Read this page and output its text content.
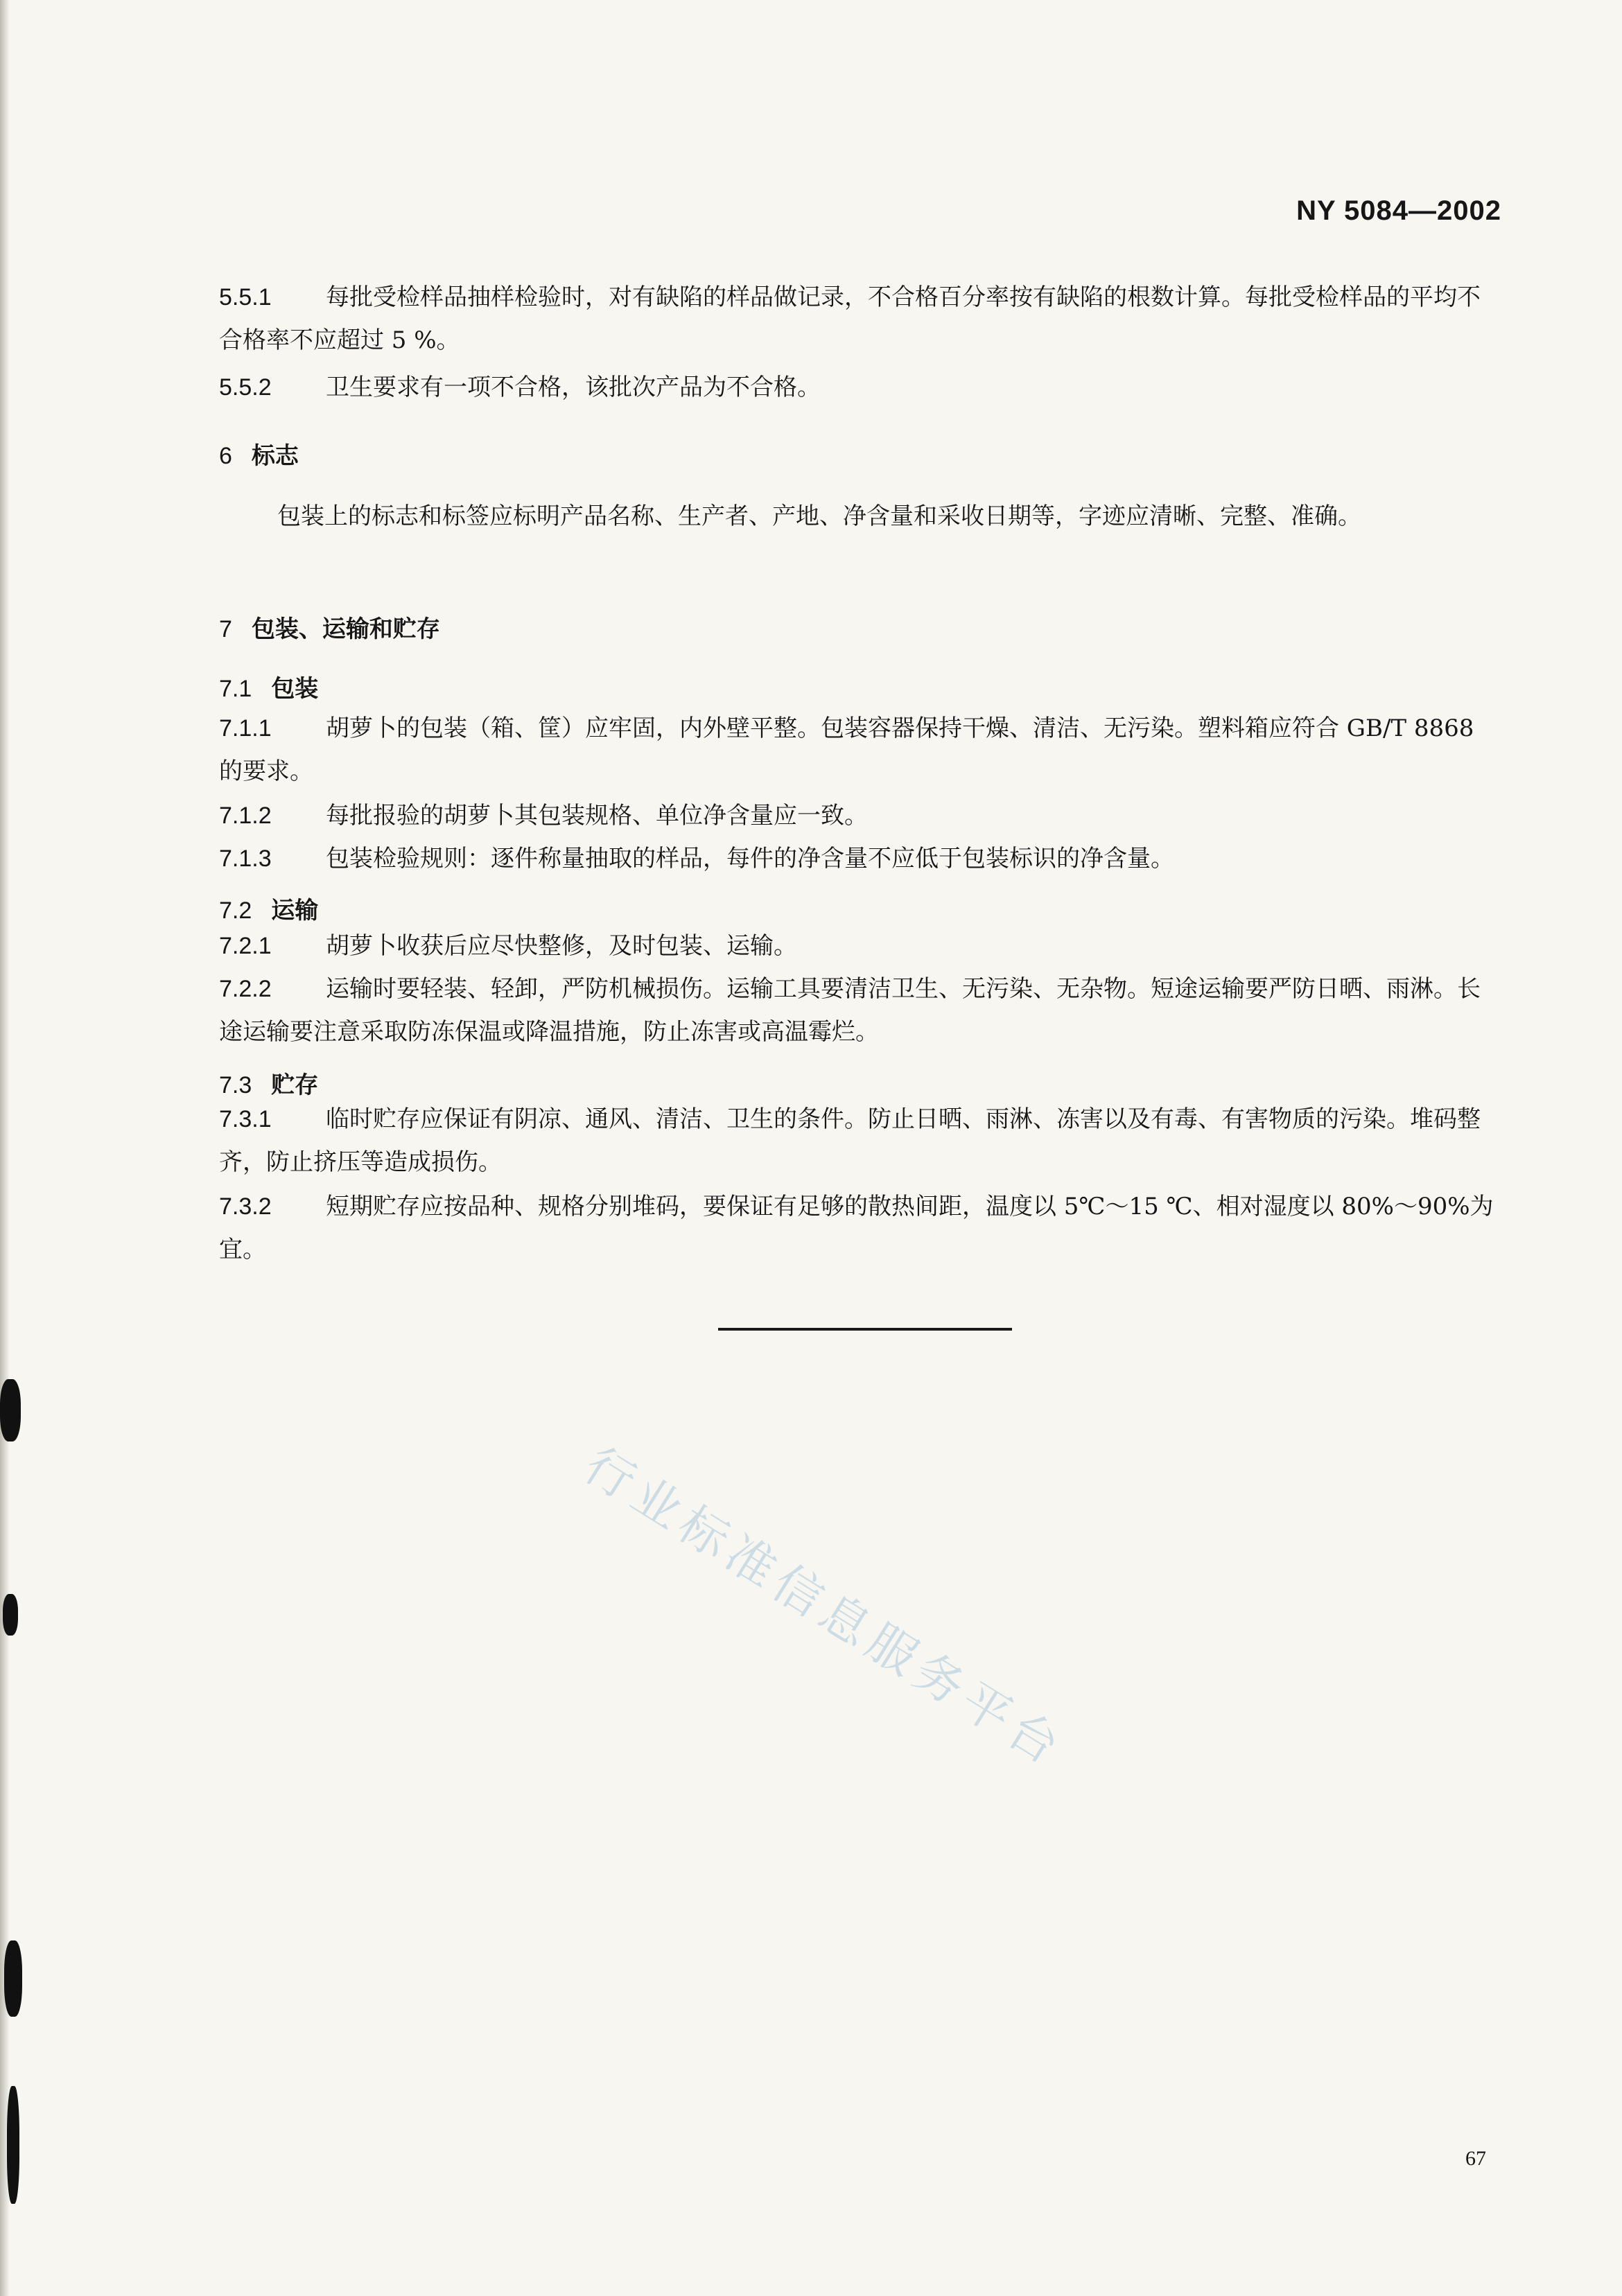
NY 5084—2002

5.5.1 每批受检样品抽样检验时，对有缺陷的样品做记录，不合格百分率按有缺陷的根数计算。每批受检样品的平均不合格率不应超过 5 %。

5.5.2 卫生要求有一项不合格，该批次产品为不合格。

6 标志

包装上的标志和标签应标明产品名称、生产者、产地、净含量和采收日期等，字迹应清晰、完整、准确。

7 包装、运输和贮存

7.1 包装

7.1.1 胡萝卜的包装（箱、筐）应牢固，内外壁平整。包装容器保持干燥、清洁、无污染。塑料箱应符合 GB/T 8868 的要求。

7.1.2 每批报验的胡萝卜其包装规格、单位净含量应一致。

7.1.3 包装检验规则：逐件称量抽取的样品，每件的净含量不应低于包装标识的净含量。

7.2 运输

7.2.1 胡萝卜收获后应尽快整修，及时包装、运输。

7.2.2 运输时要轻装、轻卸，严防机械损伤。运输工具要清洁卫生、无污染、无杂物。短途运输要严防日晒、雨淋。长途运输要注意采取防冻保温或降温措施，防止冻害或高温霉烂。

7.3 贮存

7.3.1 临时贮存应保证有阴凉、通风、清洁、卫生的条件。防止日晒、雨淋、冻害以及有毒、有害物质的污染。堆码整齐，防止挤压等造成损伤。

7.3.2 短期贮存应按品种、规格分别堆码，要保证有足够的散热间距，温度以 5℃～15 ℃、相对湿度以 80%～90%为宜。

行业标准信息服务平台
67
